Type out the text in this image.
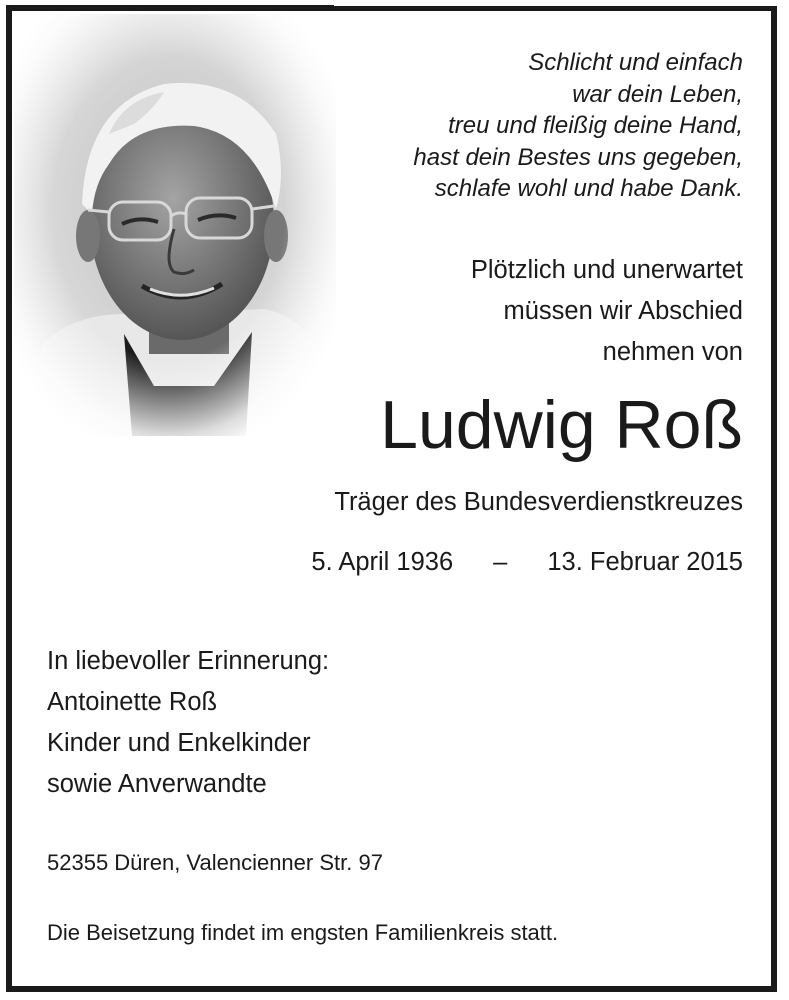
Schlicht und einfach
war dein Leben,
treu und fleißig deine Hand,
hast dein Bestes uns gegeben,
schlafe wohl und habe Dank.
Plötzlich und unerwartet
müssen wir Abschied
nehmen von
Ludwig Roß
Träger des Bundesverdienstkreuzes
5. April 1936 – 13. Februar 2015
In liebevoller Erinnerung:
Antoinette Roß
Kinder und Enkelkinder
sowie Anverwandte
52355 Düren, Valencienner Str. 97
Die Beisetzung findet im engsten Familienkreis statt.
